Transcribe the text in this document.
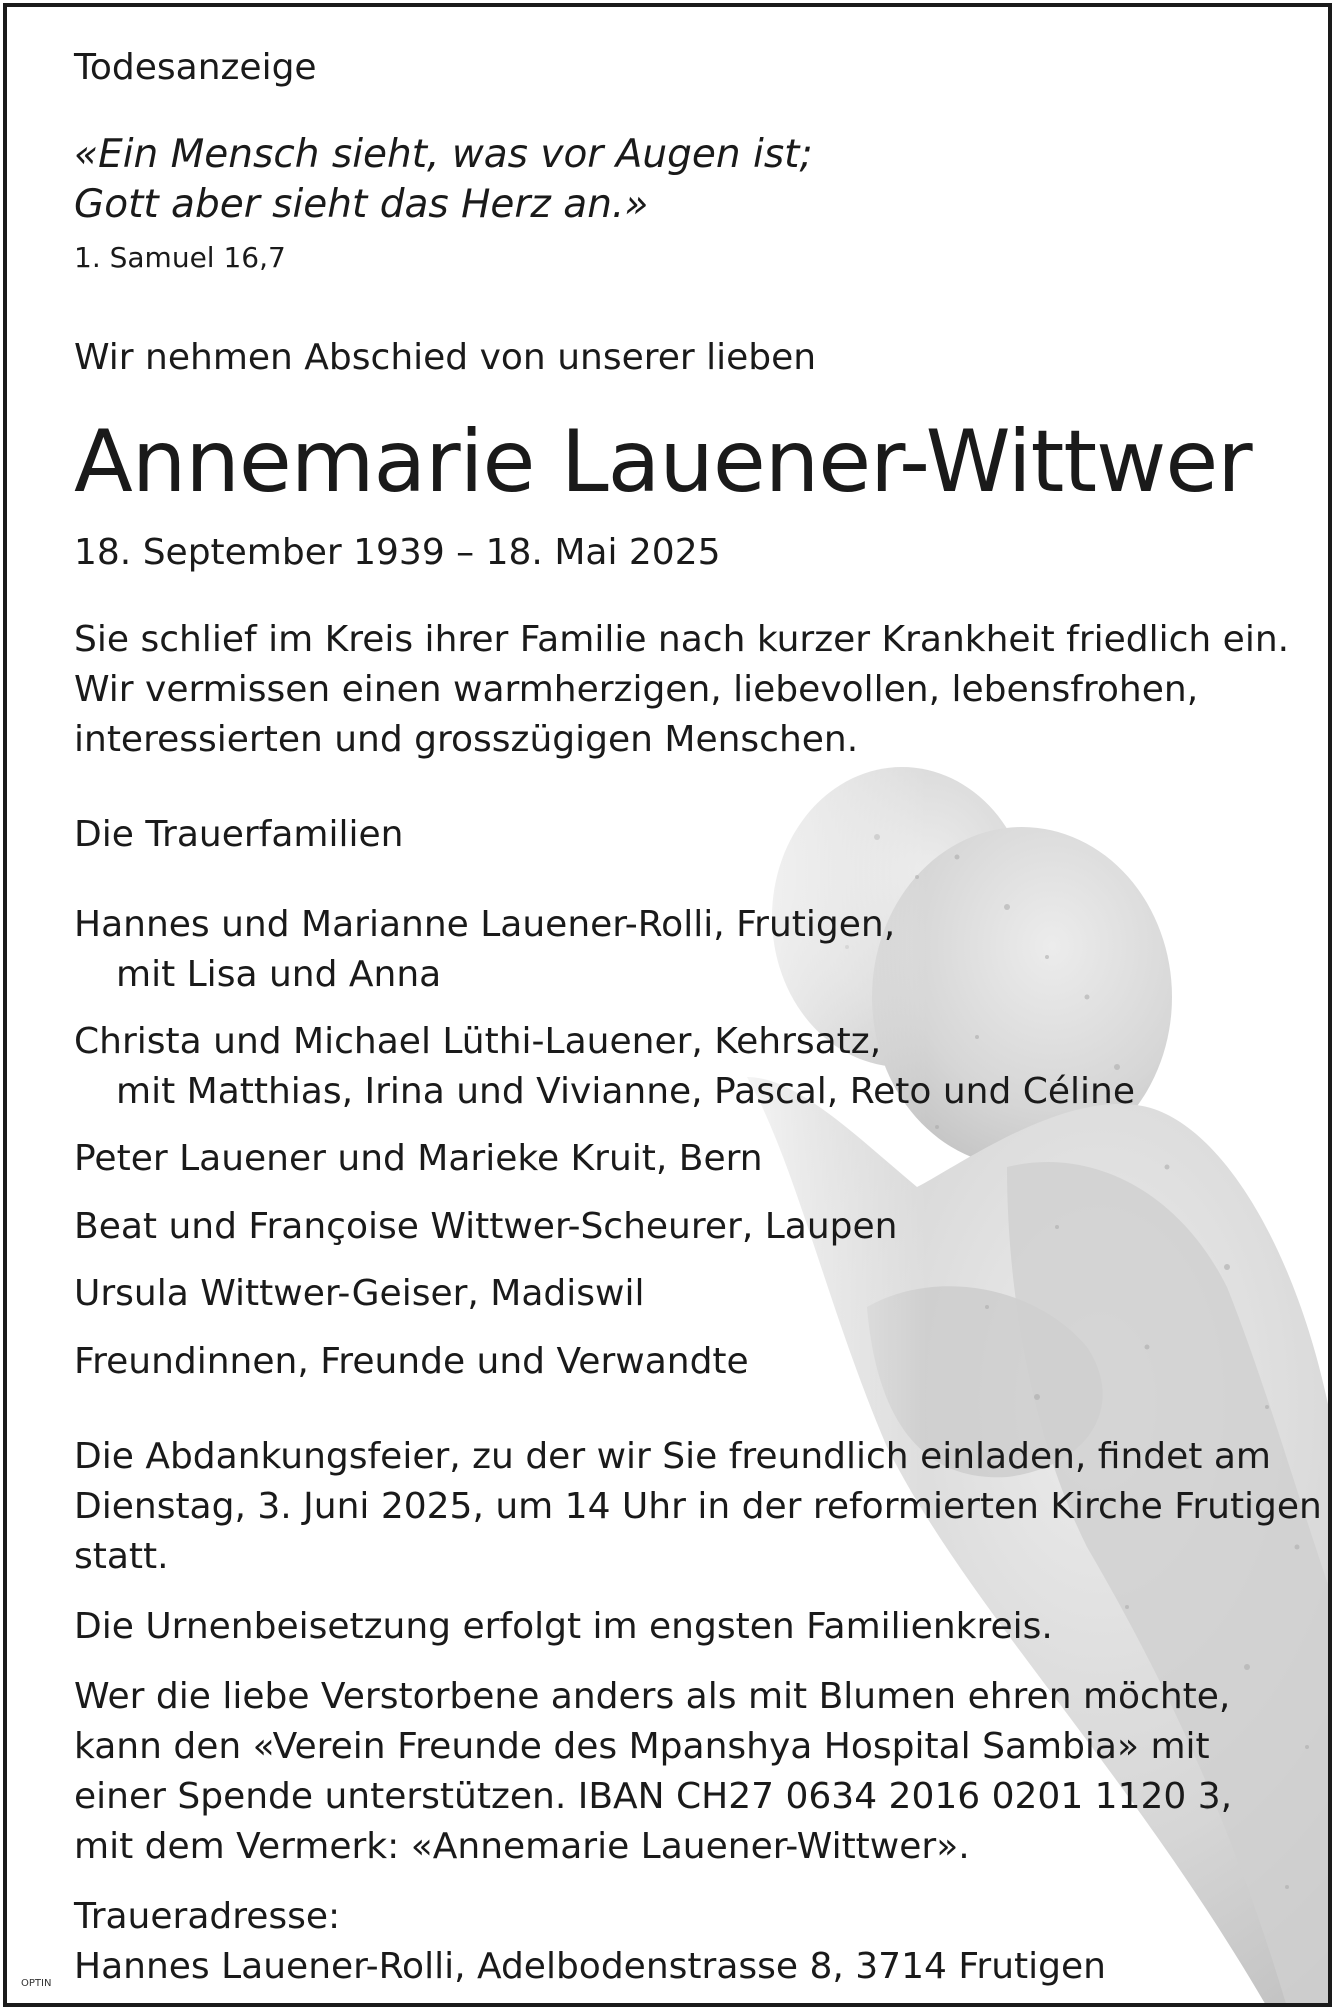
Todesanzeige

«Ein Mensch sieht, was vor Augen ist;

Gott aber sieht das Herz an.»

1. Samuel 16,7

Wir nehmen Abschied von unserer lieben

Annemarie Lauener-Wittwer

18. September 1939 – 18. Mai 2025

Sie schlief im Kreis ihrer Familie nach kurzer Krankheit friedlich ein.

Wir vermissen einen warmherzigen, liebevollen, lebensfrohen,

interessierten und grosszügigen Menschen.

Die Trauerfamilien

Hannes und Marianne Lauener-Rolli, Frutigen,

mit Lisa und Anna

Christa und Michael Lüthi-Lauener, Kehrsatz,

mit Matthias, Irina und Vivianne, Pascal, Reto und Céline

Peter Lauener und Marieke Kruit, Bern

Beat und Françoise Wittwer-Scheurer, Laupen

Ursula Wittwer-Geiser, Madiswil

Freundinnen, Freunde und Verwandte

Die Abdankungsfeier, zu der wir Sie freundlich einladen, findet am

Dienstag, 3. Juni 2025, um 14 Uhr in der reformierten Kirche Frutigen

statt.

Die Urnenbeisetzung erfolgt im engsten Familienkreis.

Wer die liebe Verstorbene anders als mit Blumen ehren möchte,

kann den «Verein Freunde des Mpanshya Hospital Sambia» mit

einer Spende unterstützen. IBAN CH27 0634 2016 0201 1120 3,

mit dem Vermerk: «Annemarie Lauener-Wittwer».

Traueradresse:

Hannes Lauener-Rolli, Adelbodenstrasse 8, 3714 Frutigen

OPTIN
